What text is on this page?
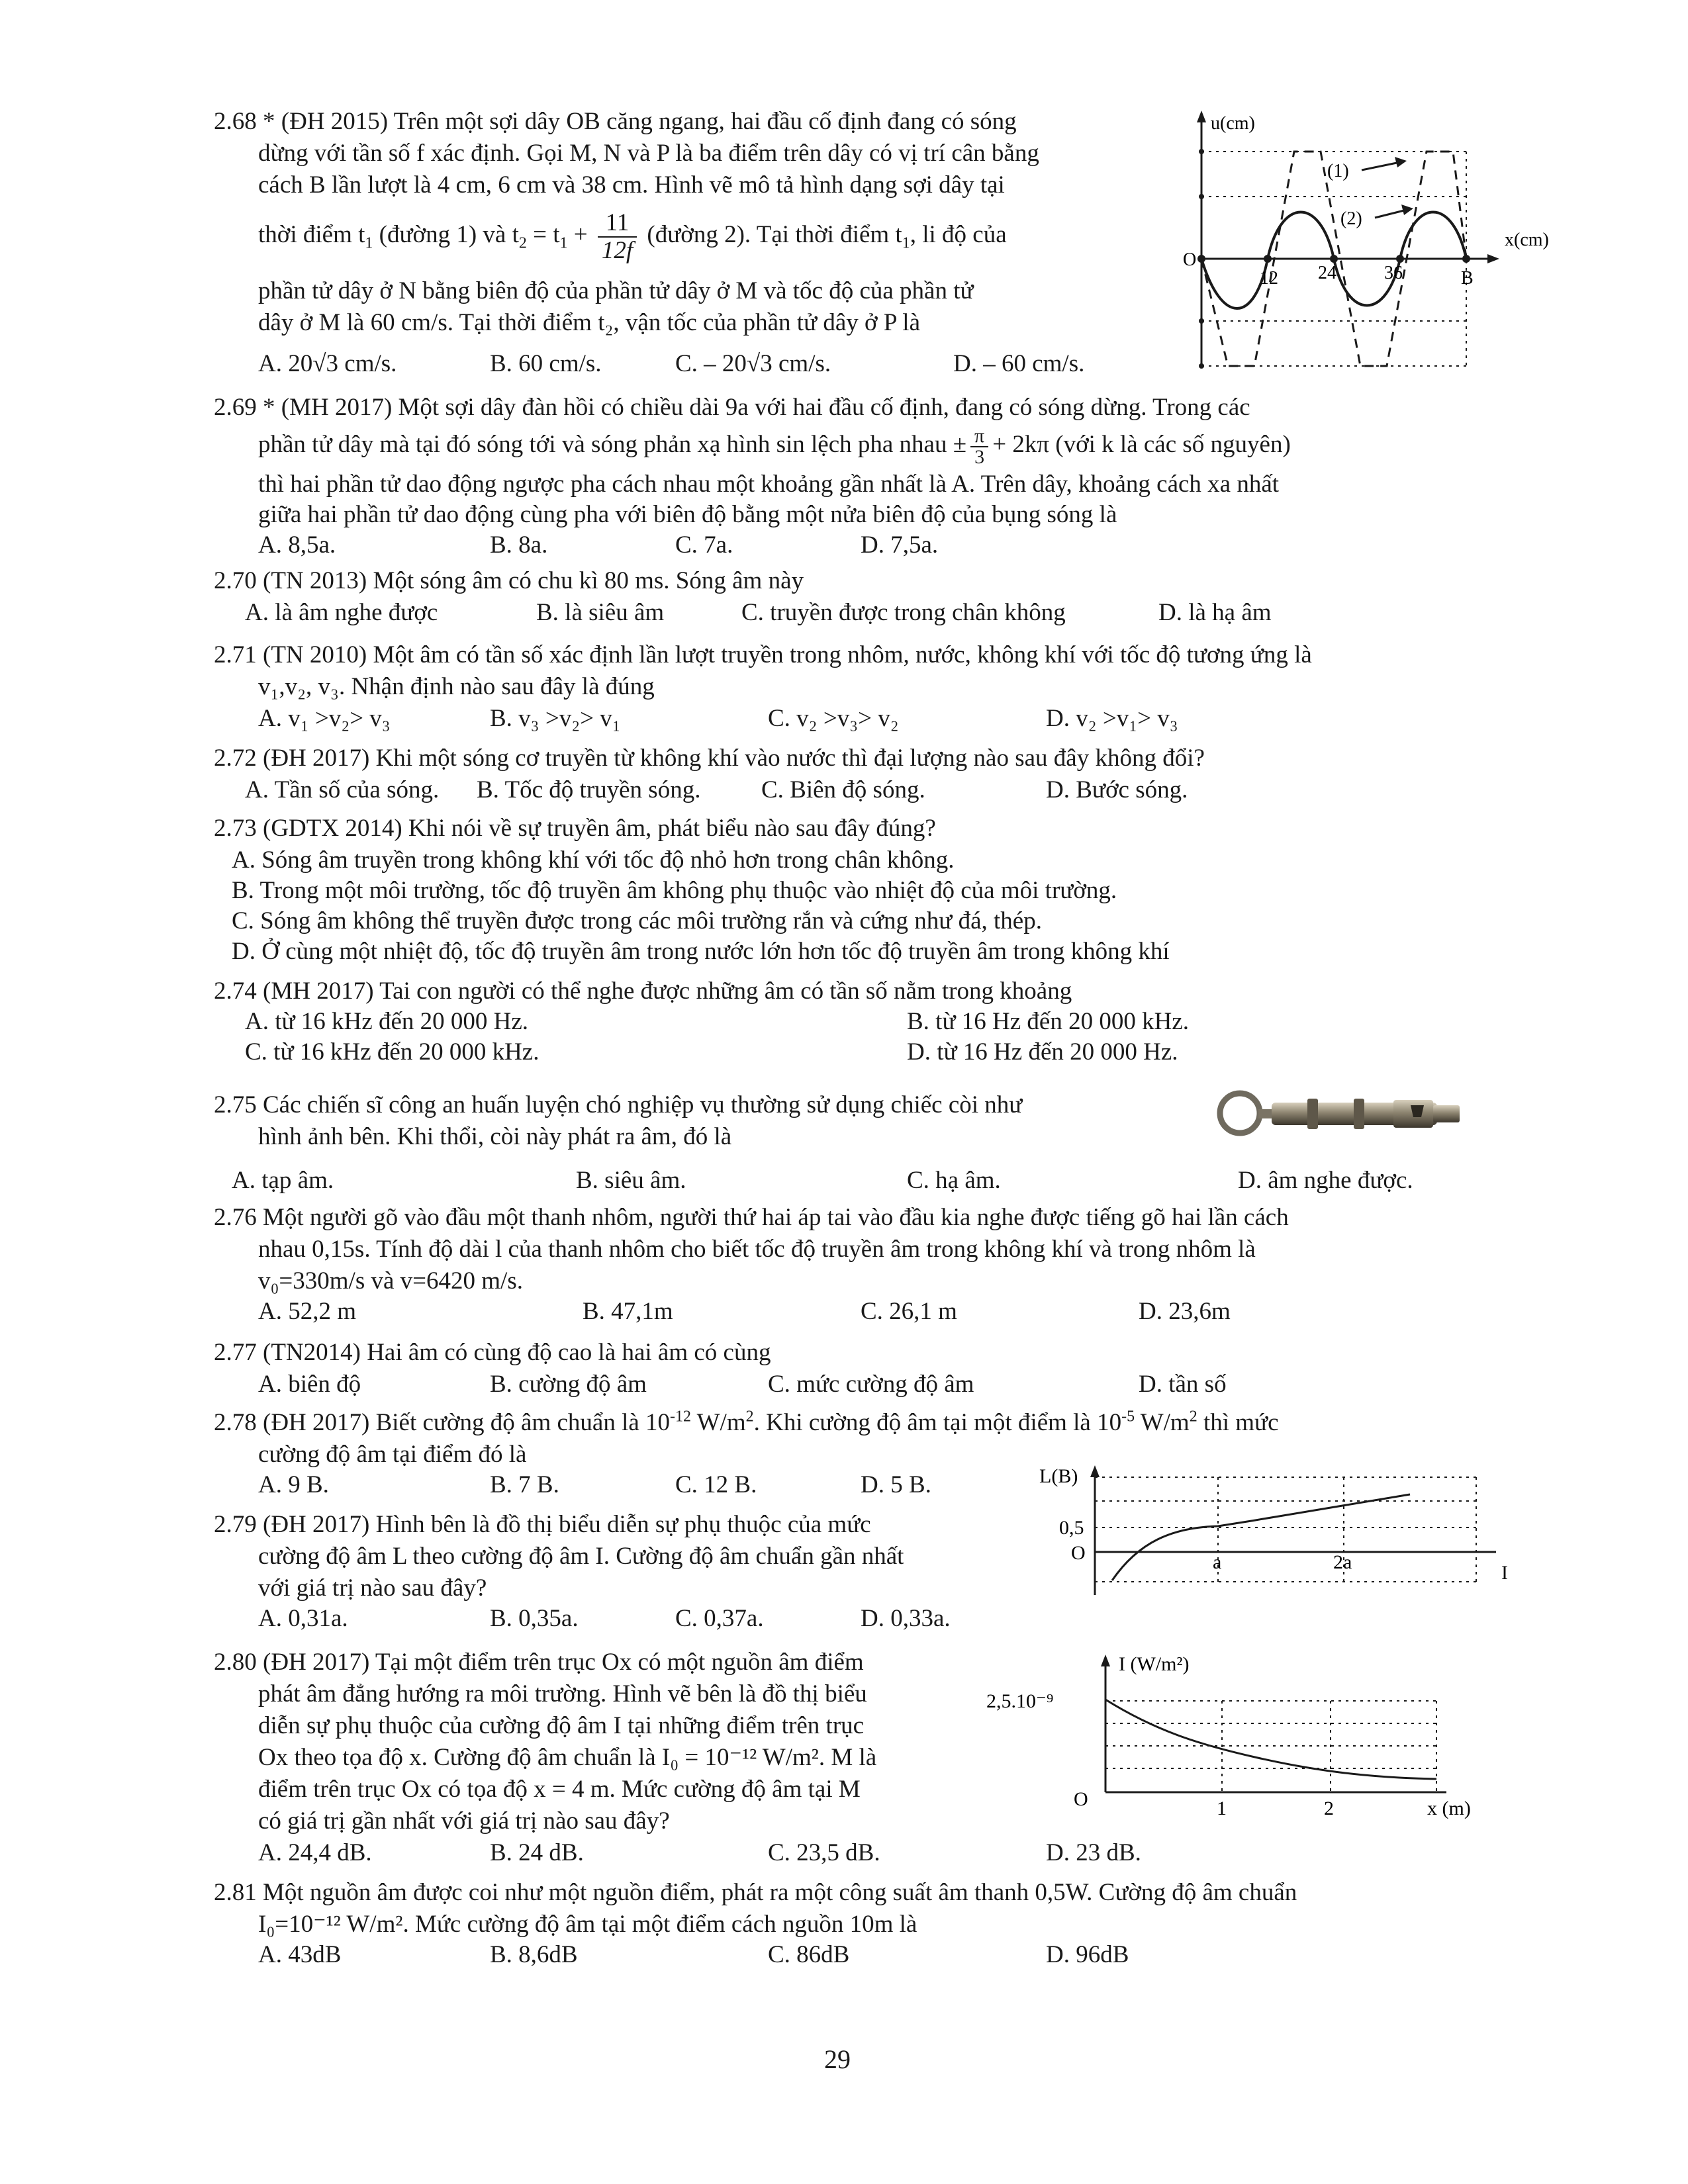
2.68 * (ĐH 2015) Trên một sợi dây OB căng ngang, hai đầu cố định đang có sóng
dừng với tần số f xác định. Gọi M, N và P là ba điểm trên dây có vị trí cân bằng
cách B lần lượt là 4 cm, 6 cm và 38 cm. Hình vẽ mô tả hình dạng sợi dây tại
thời điểm $t_1$ (đường 1) và $t_2 = t_1 + \frac{11}{12f}$ (đường 2). Tại thời điểm $t_1$, li độ của
phần tử dây ở N bằng biên độ của phần tử dây ở M và tốc độ của phần tử
dây ở M là 60 cm/s. Tại thời điểm t₂, vận tốc của phần tử dây ở P là
A. 20√3 cm/s.	B. 60 cm/s.	C. – 20√3 cm/s.	D. – 60 cm/s.
u(cm)
x(cm)
O
12 24	36	B
(1)
(2)
2.69 * (MH 2017) Một sợi dây đàn hồi có chiều dài 9a với hai đầu cố định, đang có sóng dừng. Trong các
phần tử dây mà tại đó sóng tới và sóng phản xạ hình sin lệch pha nhau ± $\frac{\pi}{3} + 2k\pi$ (với k là các số nguyên)
thì hai phần tử dao động ngược pha cách nhau một khoảng gần nhất là A. Trên dây, khoảng cách xa nhất
giữa hai phần tử dao động cùng pha với biên độ bằng một nửa biên độ của bụng sóng là
A. 8,5a.	B. 8a.	C. 7a.	D. 7,5a.
2.70 (TN 2013) Một sóng âm có chu kì 80 ms. Sóng âm này
A. là âm nghe được	B. là siêu âm	C. truyền được trong chân không	D. là hạ âm
2.71 (TN 2010) Một âm có tần số xác định lần lượt truyền trong nhôm, nước, không khí với tốc độ tương ứng là
v₁,v₂, v₃. Nhận định nào sau đây là đúng
A. v₁ >v₂> v₃	B. v₃ >v₂> v₁	C. v₂ >v₃> v₂	D. v₂ >v₁> v₃
2.72 (ĐH 2017) Khi một sóng cơ truyền từ không khí vào nước thì đại lượng nào sau đây không đổi?
A. Tần số của sóng. B. Tốc độ truyền sóng. C. Biên độ sóng.	D. Bước sóng.
2.73 (GDTX 2014) Khi nói về sự truyền âm, phát biểu nào sau đây đúng?
A. Sóng âm truyền trong không khí với tốc độ nhỏ hơn trong chân không.
B. Trong một môi trường, tốc độ truyền âm không phụ thuộc vào nhiệt độ của môi trường.
C. Sóng âm không thể truyền được trong các môi trường rắn và cứng như đá, thép.
D. Ở cùng một nhiệt độ, tốc độ truyền âm trong nước lớn hơn tốc độ truyền âm trong không khí
2.74 (MH 2017) Tai con người có thể nghe được những âm có tần số nằm trong khoảng
A. từ 16 kHz đến 20 000 Hz.	B. từ 16 Hz đến 20 000 kHz.
C. từ 16 kHz đến 20 000 kHz.	D. từ 16 Hz đến 20 000 Hz.
2.75 Các chiến sĩ công an huấn luyện chó nghiệp vụ thường sử dụng chiếc còi như
hình ảnh bên. Khi thổi, còi này phát ra âm, đó là
A. tạp âm.	B. siêu âm.	C. hạ âm.	D. âm nghe được.
2.76 Một người gõ vào đầu một thanh nhôm, người thứ hai áp tai vào đầu kia nghe được tiếng gõ hai lần cách
nhau 0,15s. Tính độ dài l của thanh nhôm cho biết tốc độ truyền âm trong không khí và trong nhôm là
v₀=330m/s và v=6420 m/s.
A. 52,2 m	B. 47,1m	C. 26,1 m	D. 23,6m
2.77 (TN2014) Hai âm có cùng độ cao là hai âm có cùng
A. biên độ	B. cường độ âm	C. mức cường độ âm	D. tần số
2.78 (ĐH 2017) Biết cường độ âm chuẩn là $10^{-12}$ $W/m^2$. Khi cường độ âm tại một điểm là $10^{-5}$ $W/m^2$ thì mức
cường độ âm tại điểm đó là
A. 9 B.	B. 7 B.	C. 12 B.	D. 5 B.
2.79 (ĐH 2017) Hình bên là đồ thị biểu diễn sự phụ thuộc của mức
cường độ âm L theo cường độ âm I. Cường độ âm chuẩn gần nhất
với giá trị nào sau đây?
A. 0,31a.	B. 0,35a.	C. 0,37a.	D. 0,33a.
L(B)
I
0,5
O	a	2a
2.80 (ĐH 2017) Tại một điểm trên trục Ox có một nguồn âm điểm
phát âm đẳng hướng ra môi trường. Hình vẽ bên là đồ thị biểu
diễn sự phụ thuộc của cường độ âm I tại những điểm trên trục
Ox theo tọa độ x. Cường độ âm chuẩn là I₀ = 10⁻¹² W/m². M là
điểm trên trục Ox có tọa độ x = 4 m. Mức cường độ âm tại M
có giá trị gần nhất với giá trị nào sau đây?
A. 24,4 dB.	B. 24 dB.	C. 23,5 dB.	D. 23 dB.
I (W/m²)
2,5.10⁻⁹
O	1	2	x (m)
2.81 Một nguồn âm được coi như một nguồn điểm, phát ra một công suất âm thanh 0,5W. Cường độ âm chuẩn
I₀=10⁻¹² W/m². Mức cường độ âm tại một điểm cách nguồn 10m là
A. 43dB	B. 8,6dB	C. 86dB	D. 96dB
29
